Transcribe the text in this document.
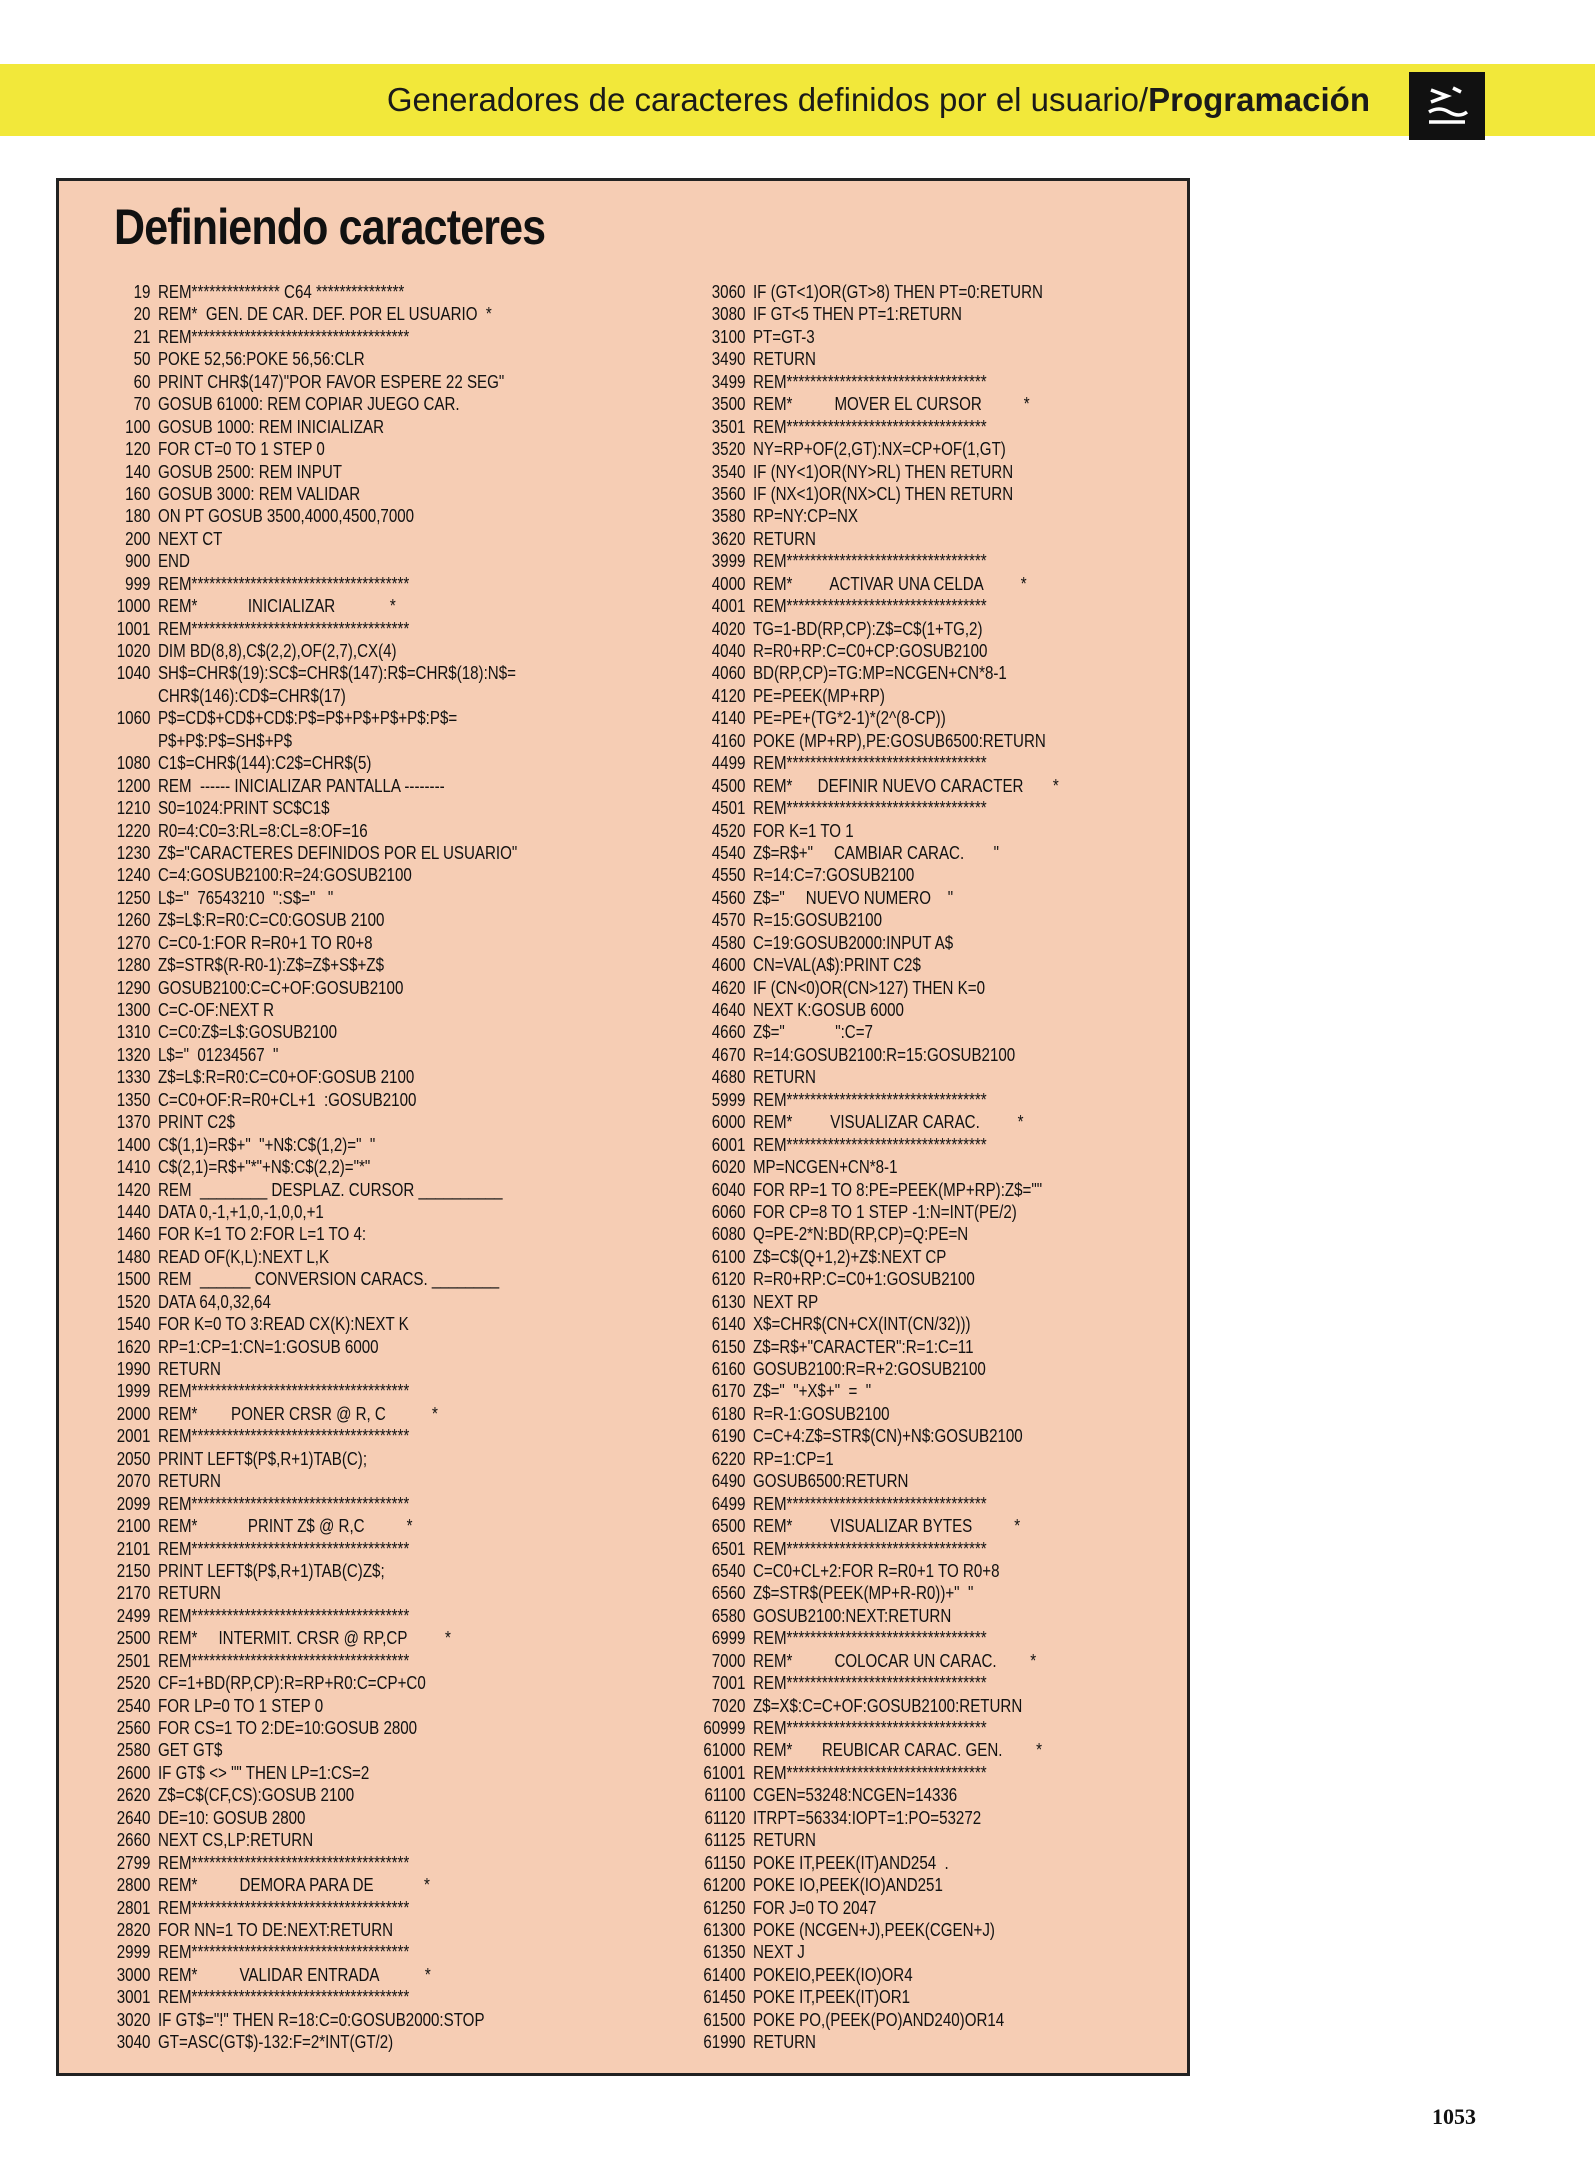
Generadores de caracteres definidos por el usuario/Programación
Definiendo caracteres
19 REM*************** C64 ***************
20 REM*  GEN. DE CAR. DEF. POR EL USUARIO  *
21 REM*************************************
50 POKE 52,56:POKE 56,56:CLR
60 PRINT CHR$(147)"POR FAVOR ESPERE 22 SEG"
70 GOSUB 61000: REM COPIAR JUEGO CAR.
100 GOSUB 1000: REM INICIALIZAR
120 FOR CT=0 TO 1 STEP 0
140 GOSUB 2500: REM INPUT
160 GOSUB 3000: REM VALIDAR
180 ON PT GOSUB 3500,4000,4500,7000
200 NEXT CT
900 END
999 REM*************************************
1000 REM*            INICIALIZAR             *
1001 REM*************************************
1020 DIM BD(8,8),C$(2,2),OF(2,7),CX(4)
1040 SH$=CHR$(19):SC$=CHR$(147):R$=CHR$(18):N$=
CHR$(146):CD$=CHR$(17)
1060 P$=CD$+CD$+CD$:P$=P$+P$+P$+P$:P$=
P$+P$:P$=SH$+P$
1080 C1$=CHR$(144):C2$=CHR$(5)
1200 REM  ------ INICIALIZAR PANTALLA --------
1210 S0=1024:PRINT SC$C1$
1220 R0=4:C0=3:RL=8:CL=8:OF=16
1230 Z$="CARACTERES DEFINIDOS POR EL USUARIO"
1240 C=4:GOSUB2100:R=24:GOSUB2100
1250 L$="  76543210  ":S$="   "
1260 Z$=L$:R=R0:C=C0:GOSUB 2100
1270 C=C0-1:FOR R=R0+1 TO R0+8
1280 Z$=STR$(R-R0-1):Z$=Z$+S$+Z$
1290 GOSUB2100:C=C+OF:GOSUB2100
1300 C=C-OF:NEXT R
1310 C=C0:Z$=L$:GOSUB2100
1320 L$="  01234567  "
1330 Z$=L$:R=R0:C=C0+OF:GOSUB 2100
1350 C=C0+OF:R=R0+CL+1  :GOSUB2100
1370 PRINT C2$
1400 C$(1,1)=R$+"  "+N$:C$(1,2)="  "
1410 C$(2,1)=R$+"*"+N$:C$(2,2)="*"
1420 REM  ________ DESPLAZ. CURSOR __________
1440 DATA 0,-1,+1,0,-1,0,0,+1
1460 FOR K=1 TO 2:FOR L=1 TO 4:
1480 READ OF(K,L):NEXT L,K
1500 REM  ______ CONVERSION CARACS. ________
1520 DATA 64,0,32,64
1540 FOR K=0 TO 3:READ CX(K):NEXT K
1620 RP=1:CP=1:CN=1:GOSUB 6000
1990 RETURN
1999 REM*************************************
2000 REM*        PONER CRSR @ R, C           *
2001 REM*************************************
2050 PRINT LEFT$(P$,R+1)TAB(C);
2070 RETURN
2099 REM*************************************
2100 REM*            PRINT Z$ @ R,C          *
2101 REM*************************************
2150 PRINT LEFT$(P$,R+1)TAB(C)Z$;
2170 RETURN
2499 REM*************************************
2500 REM*     INTERMIT. CRSR @ RP,CP         *
2501 REM*************************************
2520 CF=1+BD(RP,CP):R=RP+R0:C=CP+C0
2540 FOR LP=0 TO 1 STEP 0
2560 FOR CS=1 TO 2:DE=10:GOSUB 2800
2580 GET GT$
2600 IF GT$ <> "" THEN LP=1:CS=2
2620 Z$=C$(CF,CS):GOSUB 2100
2640 DE=10: GOSUB 2800
2660 NEXT CS,LP:RETURN
2799 REM*************************************
2800 REM*          DEMORA PARA DE            *
2801 REM*************************************
2820 FOR NN=1 TO DE:NEXT:RETURN
2999 REM*************************************
3000 REM*          VALIDAR ENTRADA           *
3001 REM*************************************
3020 IF GT$="!" THEN R=18:C=0:GOSUB2000:STOP
3040 GT=ASC(GT$)-132:F=2*INT(GT/2)
3060 IF (GT<1)OR(GT>8) THEN PT=0:RETURN
3080 IF GT<5 THEN PT=1:RETURN
3100 PT=GT-3
3490 RETURN
3499 REM**********************************
3500 REM*          MOVER EL CURSOR          *
3501 REM**********************************
3520 NY=RP+OF(2,GT):NX=CP+OF(1,GT)
3540 IF (NY<1)OR(NY>RL) THEN RETURN
3560 IF (NX<1)OR(NX>CL) THEN RETURN
3580 RP=NY:CP=NX
3620 RETURN
3999 REM**********************************
4000 REM*         ACTIVAR UNA CELDA         *
4001 REM**********************************
4020 TG=1-BD(RP,CP):Z$=C$(1+TG,2)
4040 R=R0+RP:C=C0+CP:GOSUB2100
4060 BD(RP,CP)=TG:MP=NCGEN+CN*8-1
4120 PE=PEEK(MP+RP)
4140 PE=PE+(TG*2-1)*(2^(8-CP))
4160 POKE (MP+RP),PE:GOSUB6500:RETURN
4499 REM**********************************
4500 REM*      DEFINIR NUEVO CARACTER       *
4501 REM**********************************
4520 FOR K=1 TO 1
4540 Z$=R$+"     CAMBIAR CARAC.       "
4550 R=14:C=7:GOSUB2100
4560 Z$="     NUEVO NUMERO    "
4570 R=15:GOSUB2100
4580 C=19:GOSUB2000:INPUT A$
4600 CN=VAL(A$):PRINT C2$
4620 IF (CN<0)OR(CN>127) THEN K=0
4640 NEXT K:GOSUB 6000
4660 Z$="            ":C=7
4670 R=14:GOSUB2100:R=15:GOSUB2100
4680 RETURN
5999 REM**********************************
6000 REM*         VISUALIZAR CARAC.         *
6001 REM**********************************
6020 MP=NCGEN+CN*8-1
6040 FOR RP=1 TO 8:PE=PEEK(MP+RP):Z$=""
6060 FOR CP=8 TO 1 STEP -1:N=INT(PE/2)
6080 Q=PE-2*N:BD(RP,CP)=Q:PE=N
6100 Z$=C$(Q+1,2)+Z$:NEXT CP
6120 R=R0+RP:C=C0+1:GOSUB2100
6130 NEXT RP
6140 X$=CHR$(CN+CX(INT(CN/32)))
6150 Z$=R$+"CARACTER":R=1:C=11
6160 GOSUB2100:R=R+2:GOSUB2100
6170 Z$="  "+X$+"  =  "
6180 R=R-1:GOSUB2100
6190 C=C+4:Z$=STR$(CN)+N$:GOSUB2100
6220 RP=1:CP=1
6490 GOSUB6500:RETURN
6499 REM**********************************
6500 REM*         VISUALIZAR BYTES          *
6501 REM**********************************
6540 C=C0+CL+2:FOR R=R0+1 TO R0+8
6560 Z$=STR$(PEEK(MP+R-R0))+"  "
6580 GOSUB2100:NEXT:RETURN
6999 REM**********************************
7000 REM*          COLOCAR UN CARAC.        *
7001 REM**********************************
7020 Z$=X$:C=C+OF:GOSUB2100:RETURN
60999 REM**********************************
61000 REM*       REUBICAR CARAC. GEN.        *
61001 REM**********************************
61100 CGEN=53248:NCGEN=14336
61120 ITRPT=56334:IOPT=1:PO=53272
61125 RETURN
61150 POKE IT,PEEK(IT)AND254  .
61200 POKE IO,PEEK(IO)AND251
61250 FOR J=0 TO 2047
61300 POKE (NCGEN+J),PEEK(CGEN+J)
61350 NEXT J
61400 POKEIO,PEEK(IO)OR4
61450 POKE IT,PEEK(IT)OR1
61500 POKE PO,(PEEK(PO)AND240)OR14
61990 RETURN
1053
